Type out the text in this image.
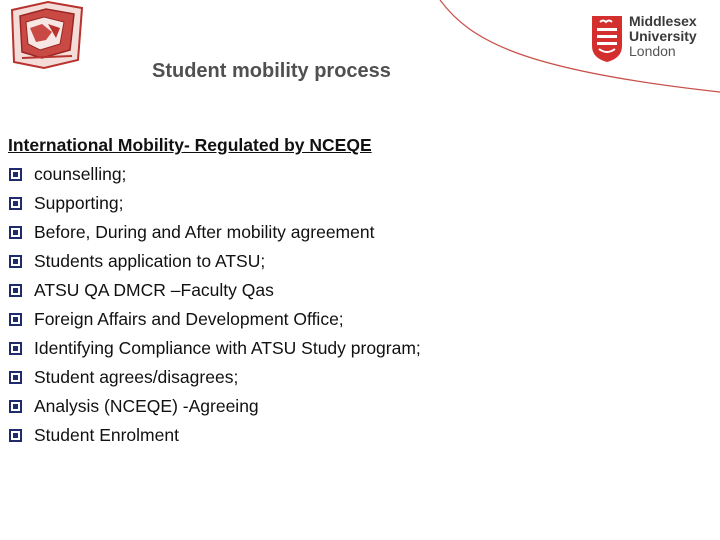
Student mobility process
Middlesex
University
London
International Mobility- Regulated by NCEQE
counselling;
Supporting;
Before, During and After mobility agreement
Students application to ATSU;
ATSU QA DMCR –Faculty Qas
Foreign Affairs and Development Office;
Identifying Compliance with ATSU Study program;
Student agrees/disagrees;
Analysis (NCEQE) -Agreeing
Student Enrolment
